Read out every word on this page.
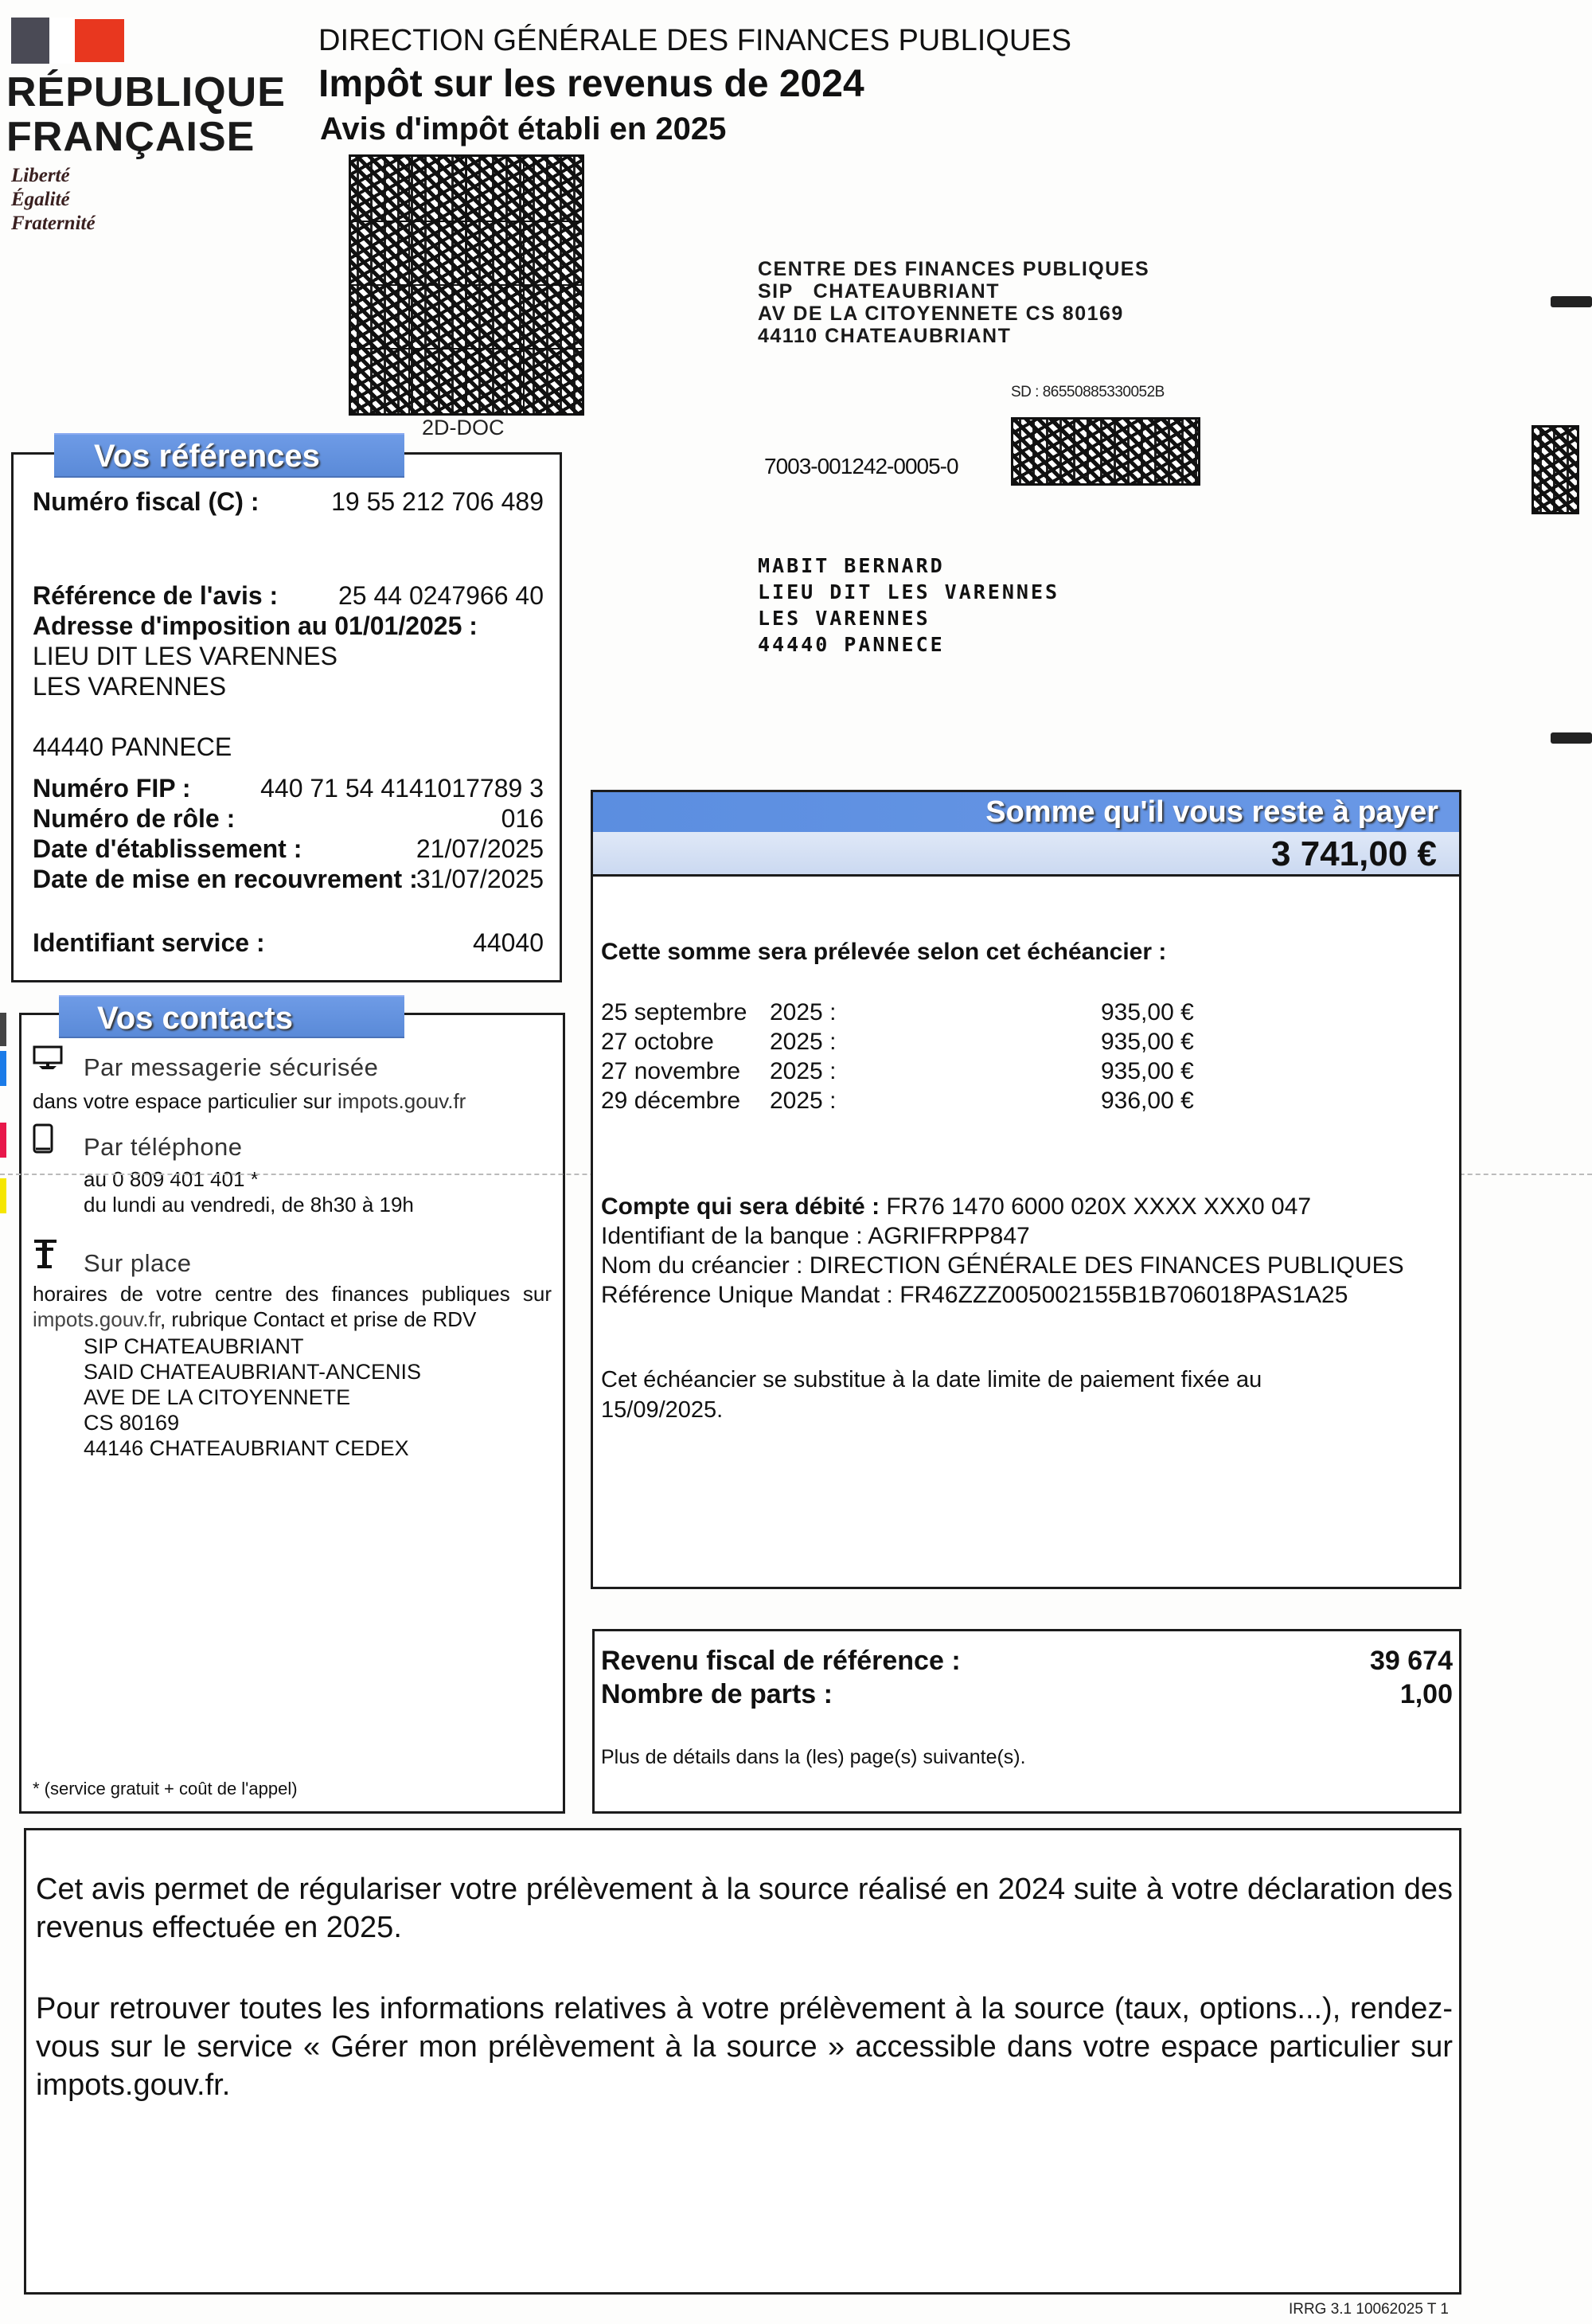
RÉPUBLIQUE
FRANÇAISE
Liberté
Égalité
Fraternité
DIRECTION GÉNÉRALE DES FINANCES PUBLIQUES
Impôt sur les revenus de 2024
Avis d'impôt établi en 2025
2D-DOC
CENTRE DES FINANCES PUBLIQUES
SIP   CHATEAUBRIANT
AV DE LA CITOYENNETE CS 80169
44110 CHATEAUBRIANT
SD : 86550885330052B
7003-001242-0005-0
MABIT BERNARD
LIEU DIT LES VARENNES
LES VARENNES
44440 PANNECE
Numéro fiscal (C) :	19 55 212 706 489
Référence de l'avis : 25 44 0247966 40
Adresse d'imposition au 01/01/2025 :
LIEU DIT LES VARENNES
LES VARENNES
44440 PANNECE
Numéro FIP :	440 71 54 4141017789 3
Numéro de rôle :	016
Date d'établissement :	21/07/2025
Date de mise en recouvrement :
31/07/2025
Identifiant service :	44040
Vos références
Par messagerie sécurisée
dans votre espace particulier sur impots.gouv.fr
Par téléphone
au 0 809 401 401 *
du lundi au vendredi, de 8h30 à 19h
Sur place
horaires de votre centre des finances publiques sur
impots.gouv.fr, rubrique Contact et prise de RDV
SIP CHATEAUBRIANT
SAID CHATEAUBRIANT-ANCENIS
AVE DE LA CITOYENNETE
CS 80169
44146 CHATEAUBRIANT CEDEX
* (service gratuit + coût de l'appel)
Vos contacts
Somme qu'il vous reste à payer
3 741,00 €
Cette somme sera prélevée selon cet échéancier :
25 septembre 2025 :	935,00 €
27 octobre 2025 :	935,00 €
27 novembre 2025 :	935,00 €
29 décembre 2025 :	936,00 €
Compte qui sera débité : FR76 1470 6000 020X XXXX XXX0 047
Identifiant de la banque : AGRIFRPP847
Nom du créancier : DIRECTION GÉNÉRALE DES FINANCES PUBLIQUES
Référence Unique Mandat : FR46ZZZ005002155B1B706018PAS1A25
Cet échéancier se substitue à la date limite de paiement fixée au
15/09/2025.
Revenu fiscal de référence :	39 674
Nombre de parts :	1,00
Plus de détails dans la (les) page(s) suivante(s).
Cet avis permet de régulariser votre prélèvement à la source réalisé en 2024 suite à votre déclaration des revenus effectuée en 2025.
Pour retrouver toutes les informations relatives à votre prélèvement à la source (taux, options...), rendez-vous sur le service « Gérer mon prélèvement à la source » accessible dans votre espace particulier sur impots.gouv.fr.
IRRG 3.1 10062025 T 1
